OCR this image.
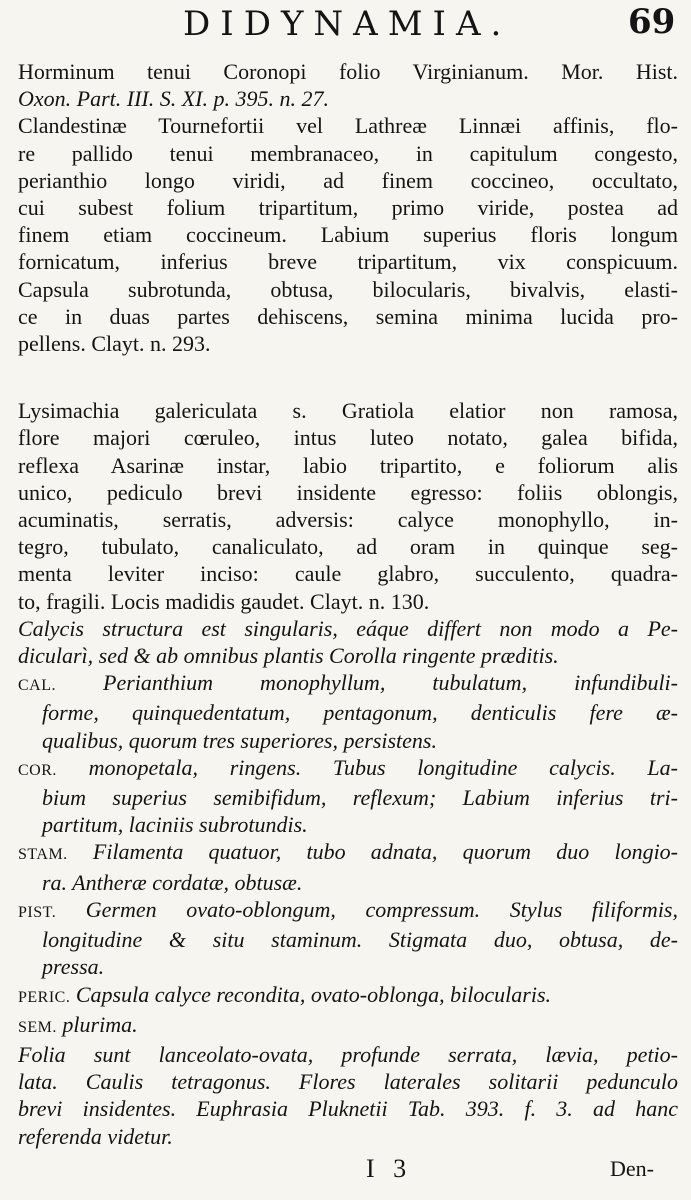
DIDYNAMIA.	69
Horminum tenui Coronopi folio Virginianum. Mor. Hist.
Oxon. Part. III. S. XI. p. 395. n. 27.
Clandestinæ Tournefortii vel Lathreæ Linnæi affinis, flo-
re pallido tenui membranaceo, in capitulum congesto,
perianthio longo viridi, ad finem coccineo, occultato,
cui subest folium tripartitum, primo viride, postea ad
finem etiam coccineum. Labium superius floris longum
fornicatum, inferius breve tripartitum, vix conspicuum.
Capsula subrotunda, obtusa, bilocularis, bivalvis, elasti-
ce in duas partes dehiscens, semina minima lucida pro-
pellens. Clayt. n. 293.
Lysimachia galericulata s. Gratiola elatior non ramosa,
flore majori cœruleo, intus luteo notato, galea bifida,
reflexa Asarinæ instar, labio tripartito, e foliorum alis
unico, pediculo brevi insidente egresso: foliis oblongis,
acuminatis, serratis, adversis: calyce monophyllo, in-
tegro, tubulato, canaliculato, ad oram in quinque seg-
menta leviter inciso: caule glabro, succulento, quadra-
to, fragili. Locis madidis gaudet. Clayt. n. 130.
Calycis structura est singularis, eáque differt non modo a Pe-
dicularì, sed & ab omnibus plantis Corolla ringente præditis.
CAL. Perianthium monophyllum, tubulatum, infundibuli-
forme, quinquedentatum, pentagonum, denticulis fere æ-
qualibus, quorum tres superiores, persistens.
COR. monopetala, ringens. Tubus longitudine calycis. La-
bium superius semibifidum, reflexum; Labium inferius tri-
partitum, laciniis subrotundis.
STAM. Filamenta quatuor, tubo adnata, quorum duo longio-
ra. Antheræ cordatæ, obtusæ.
PIST. Germen ovato-oblongum, compressum. Stylus filiformis,
longitudine & situ staminum. Stigmata duo, obtusa, de-
pressa.
PERIC. Capsula calyce recondita, ovato-oblonga, bilocularis.
SEM. plurima.
Folia sunt lanceolato-ovata, profunde serrata, lævia, petio-
lata. Caulis tetragonus. Flores laterales solitarii pedunculo
brevi insidentes. Euphrasia Pluknetii Tab. 393. f. 3. ad hanc
referenda videtur.
I 3	Den-
